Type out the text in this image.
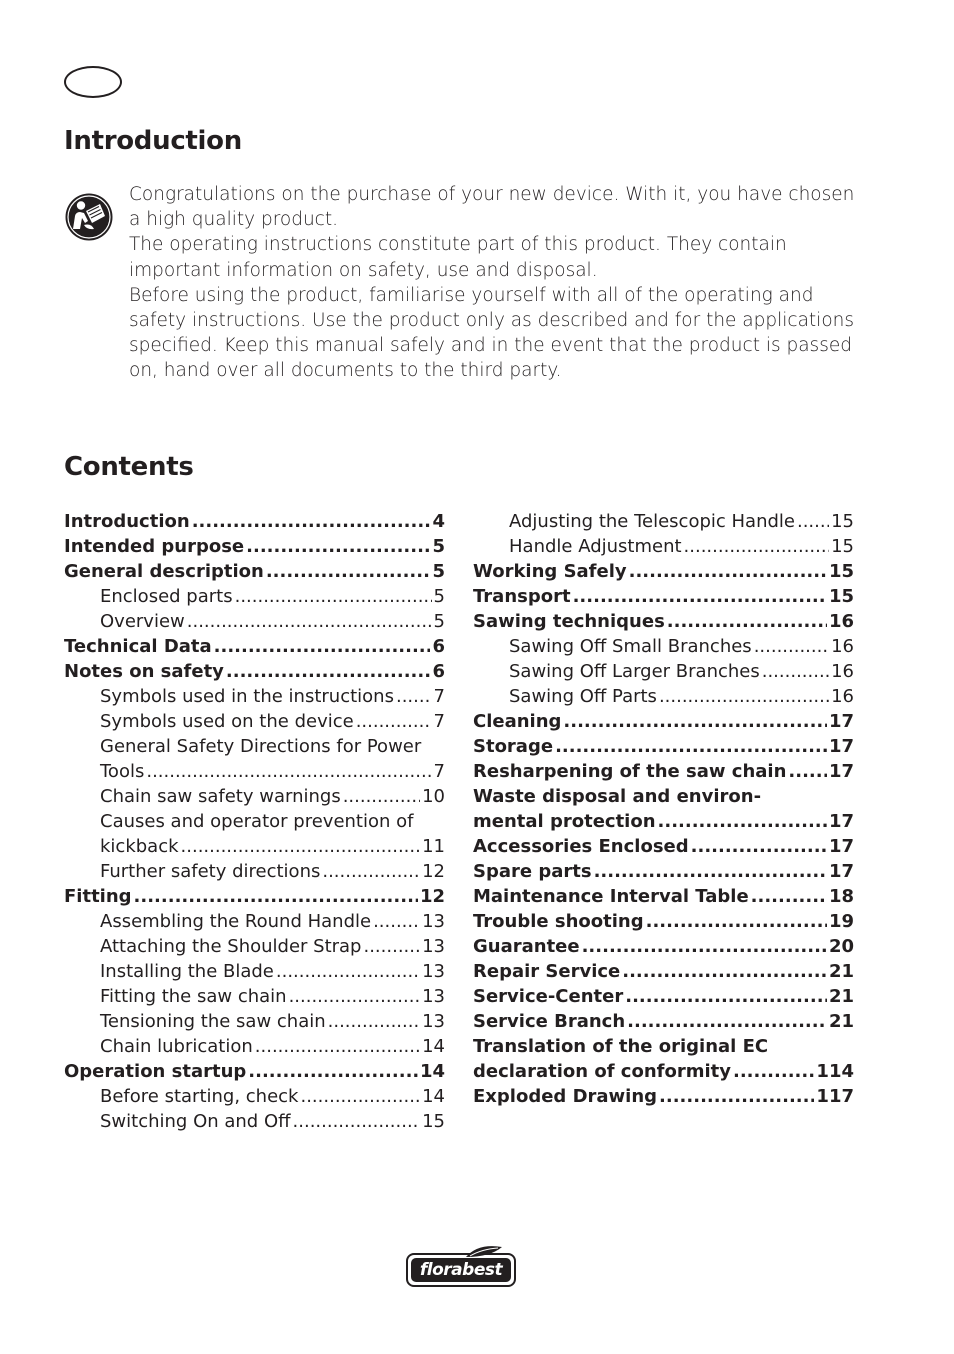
Introduction

Congratulations on the purchase of your new device. With it, you have chosen a high quality product.

The operating instructions constitute part of this product. They contain important information on safety, use and disposal.

Before using the product, familiarise yourself with all of the operating and safety instructions. Use the product only as described and for the applications specified. Keep this manual safely and in the event that the product is passed on, hand over all documents to the third party.

Contents
Introduction .....	4
Intended purpose .....	5
General description .....	5
Enclosed parts .....	5
Overview .....	5
Technical Data .....	6
Notes on safety .....	6
Symbols used in the instructions ..... 7
Symbols used on the device .....	7
General Safety Directions for Power
Tools .....	7
Chain saw safety warnings .....	10
Causes and operator prevention of
kickback .....	11
Further safety directions .....	12
Fitting .....	12
Assembling the Round Handle .....	13
Attaching the Shoulder Strap .....	13
Installing the Blade .....	13
Fitting the saw chain .....	13
Tensioning the saw chain .....	13
Chain lubrication .....	14
Operation startup .....	14
Before starting, check .....	14
Switching On and Off .....	15
Adjusting the Telescopic Handle ..... 15
Handle Adjustment .....	15
Working Safely .....	15
Transport .....	15
Sawing techniques .....	16
Sawing Off Small Branches .....	16
Sawing Off Larger Branches .....	16
Sawing Off Parts .....	16
Cleaning .....	17
Storage .....	17
Resharpening of the saw chain ..... 17
Waste disposal and environ-
mental protection .....	17
Accessories Enclosed .....	17
Spare parts .....	17
Maintenance Interval Table .....	18
Trouble shooting .....	19
Guarantee .....	20
Repair Service .....	21
Service-Center .....	21
Service Branch .....	21
Translation of the original EC
declaration of conformity .....	114
Exploded Drawing .....	117
florabest
